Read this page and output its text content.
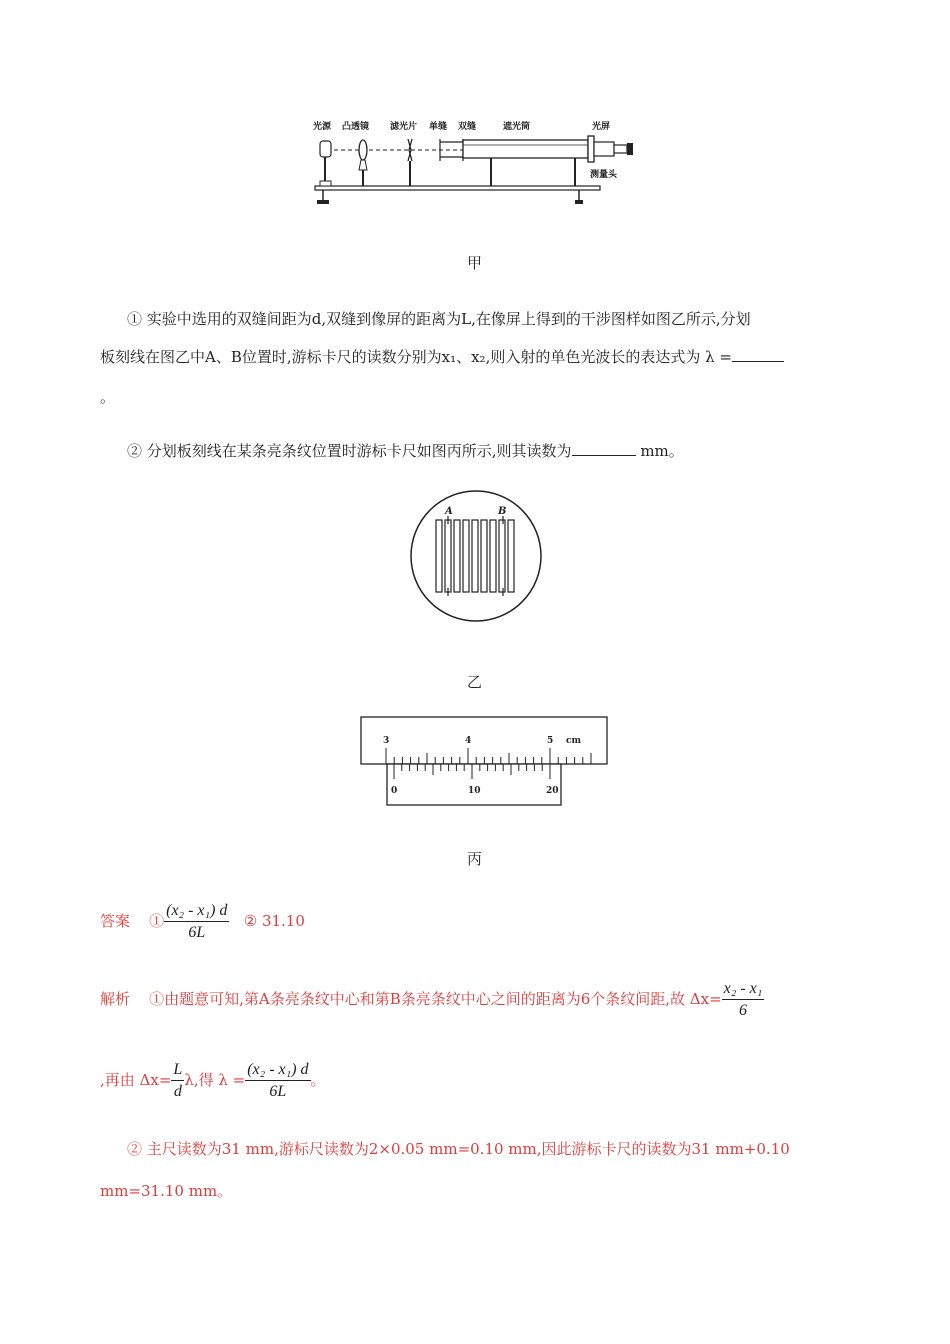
光源 凸透镜 滤光片 单缝 双缝	遮光筒	光屏
测量头
甲
① 实验中选用的双缝间距为d,双缝到像屏的距离为L,在像屏上得到的干涉图样如图乙所示,分划
板刻线在图乙中A、B位置时,游标卡尺的读数分别为x₁、x₂,则入射的单色光波长的表达式为 λ =
。
② 分划板刻线在某条亮条纹位置时游标卡尺如图丙所示,则其读数为	mm。
A	B
乙
3	4	5 cm
0	10	20
丙
答案 ① $\frac{\text{(x₂ - x₁) d}}{6L}$ ② 31.10
解析 ①由题意可知,第A条亮条纹中心和第B条亮条纹中心之间的距离为6个条纹间距,故 $\Delta x= \frac{\text{x₂ - x₁}}{6}$
,再由 $\Delta x= \frac{L}{d} \lambda$,得 $\lambda = \frac{\text{(x₂ - x₁) d}}{6L}$ 。
② 主尺读数为31 mm,游标尺读数为2×0.05 mm=0.10 mm,因此游标卡尺的读数为31 mm+0.10
mm=31.10 mm。
